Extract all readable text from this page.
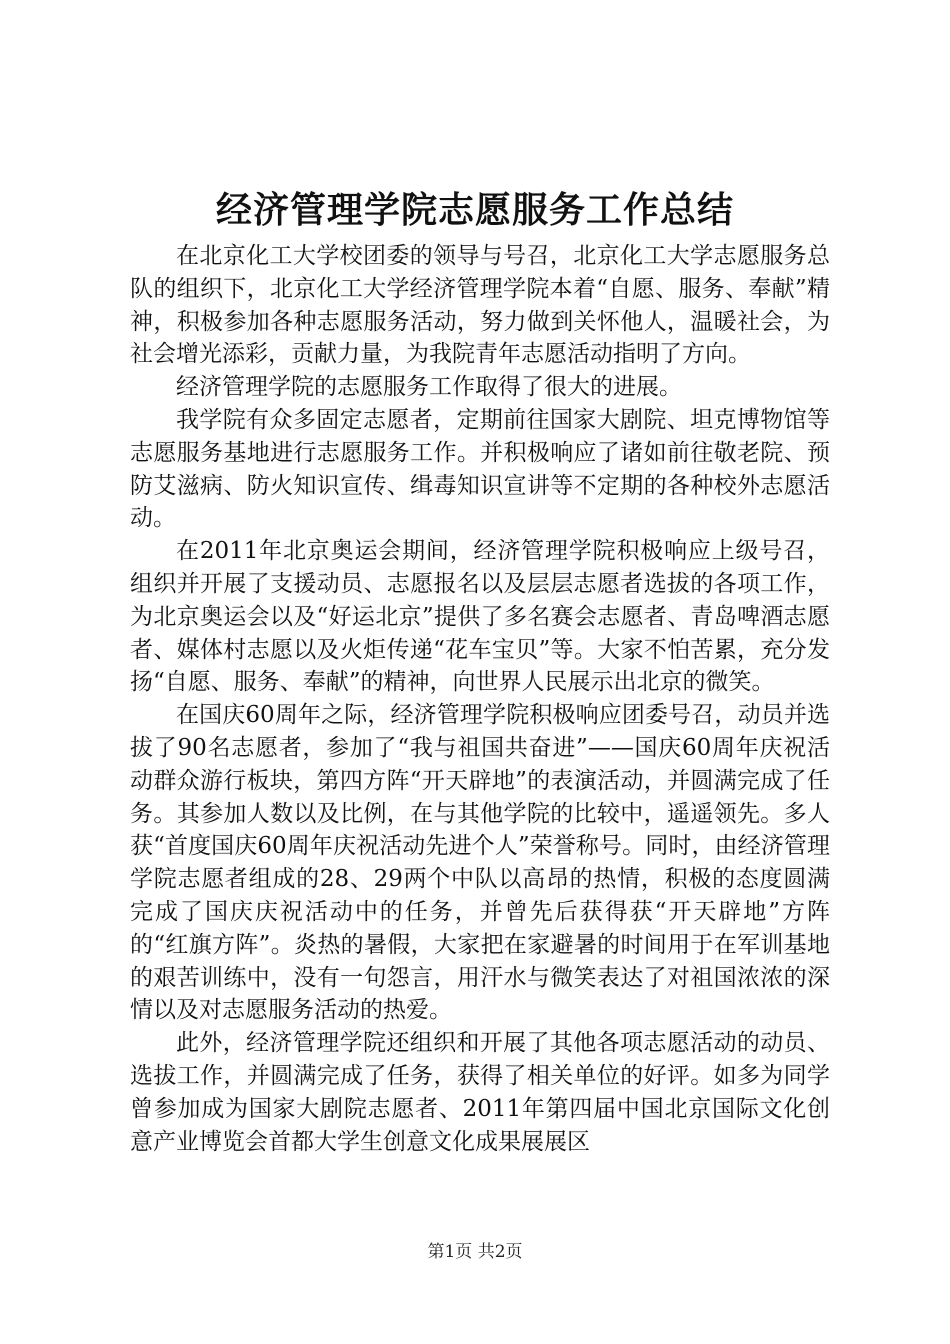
经济管理学院志愿服务工作总结

在北京化工大学校团委的领导与号召，北京化工大学志愿服务总队的组织下，北京化工大学经济管理学院本着“自愿、服务、奉献”精神，积极参加各种志愿服务活动，努力做到关怀他人，温暖社会，为社会增光添彩，贡献力量，为我院青年志愿活动指明了方向。

经济管理学院的志愿服务工作取得了很大的进展。

我学院有众多固定志愿者，定期前往国家大剧院、坦克博物馆等志愿服务基地进行志愿服务工作。并积极响应了诸如前往敬老院、预防艾滋病、防火知识宣传、缉毒知识宣讲等不定期的各种校外志愿活动。

在2011年北京奥运会期间，经济管理学院积极响应上级号召，组织并开展了支援动员、志愿报名以及层层志愿者选拔的各项工作，为北京奥运会以及“好运北京”提供了多名赛会志愿者、青岛啤酒志愿者、媒体村志愿以及火炬传递“花车宝贝”等。大家不怕苦累，充分发扬“自愿、服务、奉献”的精神，向世界人民展示出北京的微笑。

在国庆60周年之际，经济管理学院积极响应团委号召，动员并选拔了90名志愿者，参加了“我与祖国共奋进”——国庆60周年庆祝活动群众游行板块，第四方阵“开天辟地”的表演活动，并圆满完成了任务。其参加人数以及比例，在与其他学院的比较中，遥遥领先。多人获“首度国庆60周年庆祝活动先进个人”荣誉称号。同时，由经济管理学院志愿者组成的28、29两个中队以高昂的热情，积极的态度圆满完成了国庆庆祝活动中的任务，并曾先后获得获“开天辟地”方阵的“红旗方阵”。炎热的暑假，大家把在家避暑的时间用于在军训基地的艰苦训练中，没有一句怨言，用汗水与微笑表达了对祖国浓浓的深情以及对志愿服务活动的热爱。

此外，经济管理学院还组织和开展了其他各项志愿活动的动员、选拔工作，并圆满完成了任务，获得了相关单位的好评。如多为同学曾参加成为国家大剧院志愿者、2011年第四届中国北京国际文化创意产业博览会首都大学生创意文化成果展展区

第1页 共2页
